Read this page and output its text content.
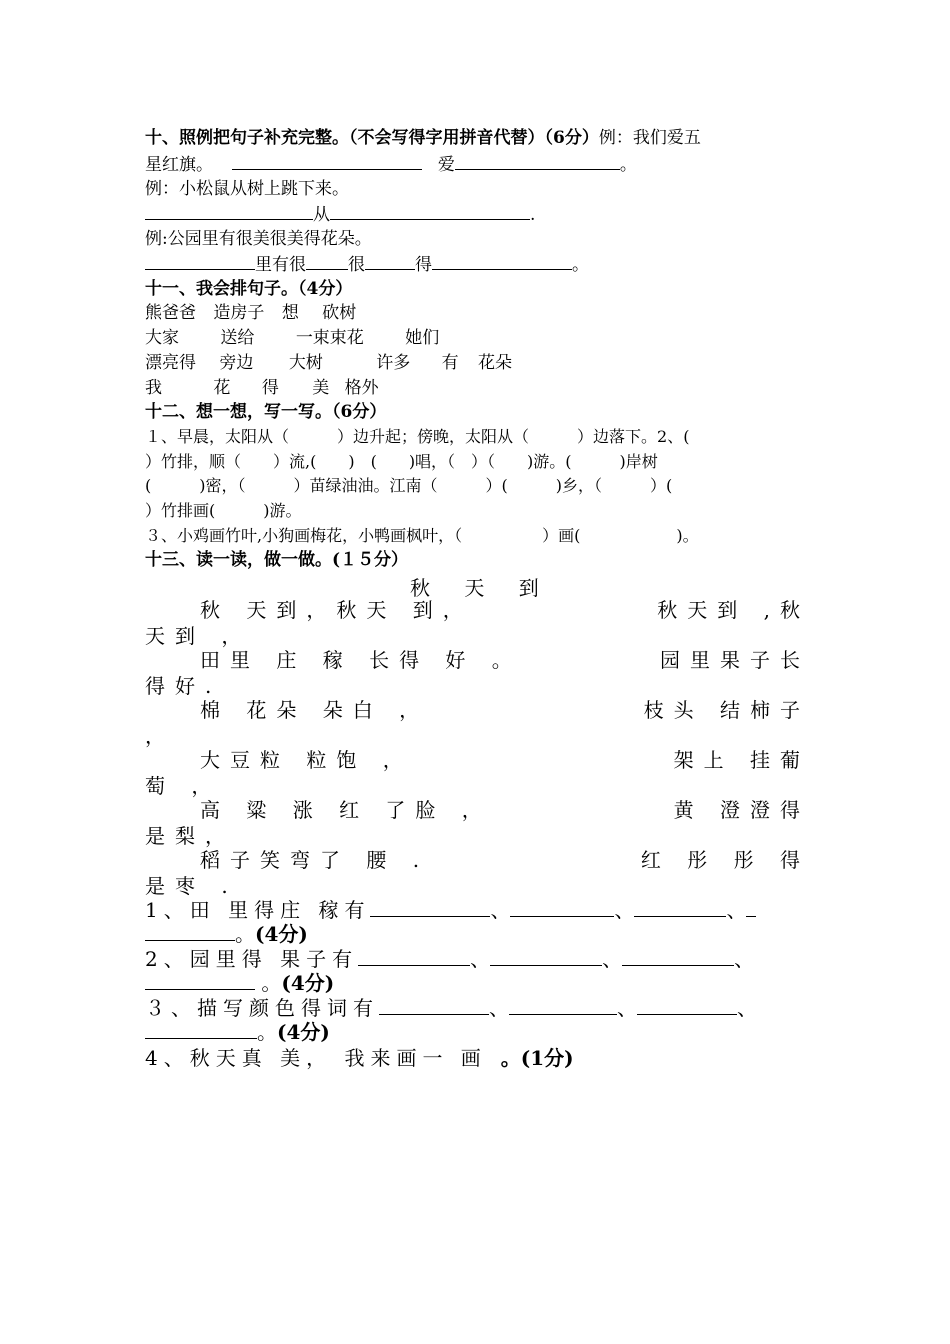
十、照例把句子补充完整。（不会写得字用拼音代替）（6分）例：我们爱五
星红旗。	爱	。
例：小松鼠从树上跳下来。
从	.
例:公园里有很美很美得花朵。
里有很 很	得	。
十一、我会排句子。（4分）
熊爸爸 造房子 想 砍树
大家 送给 一束束花 她们
漂亮得 旁边 大树	许多 有 花朵
我	花 得 美 格外
十二、想一想，写一写。（6分）
１、早晨，太阳从（　　　）边升起；傍晚，太阳从（　　　）边落下。2、(
）竹排，顺（　　）流,(　　)　(　　)唱，（　）（　　)游。(　　　)岸树
(　　　)密，（　　　）苗绿油油。江南（　　　）(　　　)乡，（　　　）(
）竹排画(　　　)游。
３、小鸡画竹叶,小狗画梅花，小鸭画枫叶，（　　　　　）画(　　　　　　)。
十三、读一读，做一做。(１５分）
秋 天 到
秋 天到，秋天 到，	秋天到 ,秋
天到 ，
田里 庄 稼 长得 好 。	园里果子长
得好.
棉 花朵 朵白 ，	枝头 结柿子
，
大豆粒 粒饱 ，	架上 挂葡
萄 ，
高 粱 涨 红 了脸 ，	黄 澄澄得
是梨，
稻子笑弯了 腰 .	红 彤 彤 得
是枣 .
1、田 里得庄 稼有	、	、	、
。(4分)
2、园里得 果子有	、	、	、
。(4分)
３、描写颜色得词有	、	、	、
。(4分)
4、秋天真 美， 我来画一 画 。(1分)
